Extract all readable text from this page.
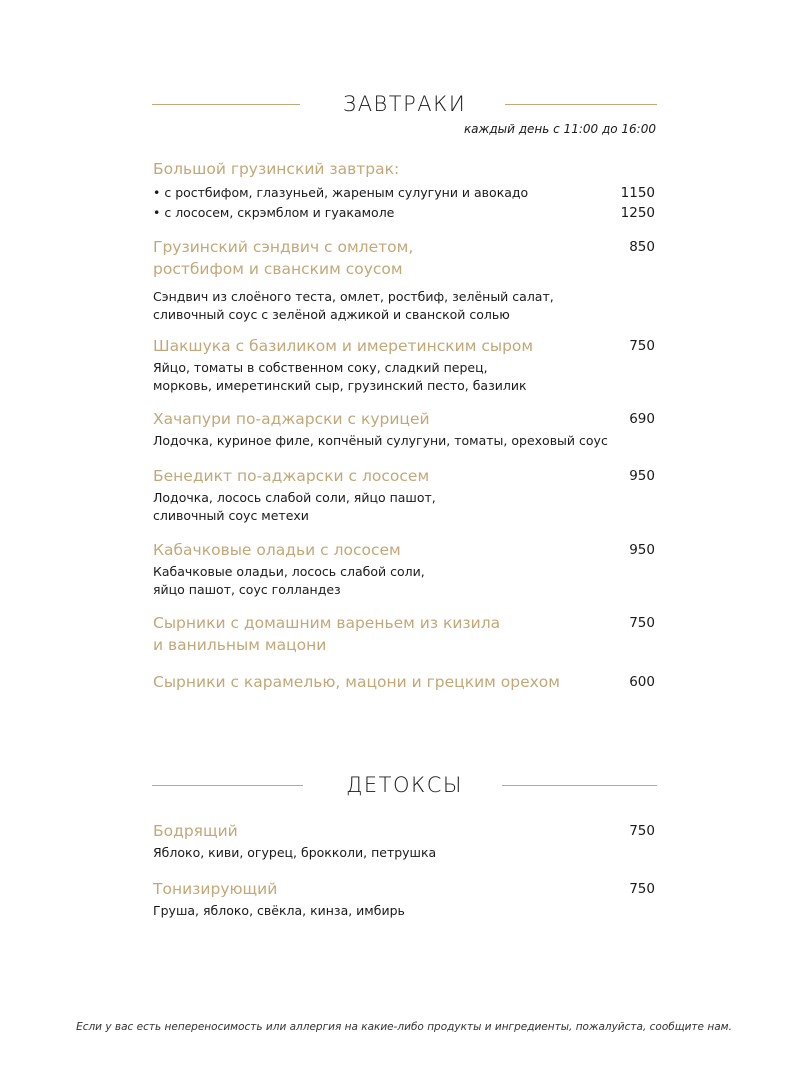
ЗАВТРАКИ
каждый день с 11:00 до 16:00
Большой грузинский завтрак:
• с ростбифом, глазуньей, жареным сулугуни и авокадо	1150
• с лососем, скрэмблом и гуакамоле	1250
Грузинский сэндвич с омлетом,
ростбифом и сванским соусом
850
Сэндвич из слоёного теста, омлет, ростбиф, зелёный салат,
сливочный соус с зелёной аджикой и сванской солью
Шакшука с базиликом и имеретинским сыром	750
Яйцо, томаты в собственном соку, сладкий перец,
морковь, имеретинский сыр, грузинский песто, базилик
Хачапури по-аджарски с курицей	690
Лодочка, куриное филе, копчёный сулугуни, томаты, ореховый соус
Бенедикт по-аджарски с лососем	950
Лодочка, лосось слабой соли, яйцо пашот,
сливочный соус метехи
Кабачковые оладьи с лососем	950
Кабачковые оладьи, лосось слабой соли,
яйцо пашот, соус голландез
Сырники с домашним вареньем из кизила
и ванильным мацони
750
Сырники с карамелью, мацони и грецким орехом	600
ДЕТОКСЫ
Бодрящий	750
Яблоко, киви, огурец, брокколи, петрушка
Тонизирующий	750
Груша, яблоко, свёкла, кинза, имбирь
Если у вас есть непереносимость или аллергия на какие-либо продукты и ингредиенты, пожалуйста, сообщите нам.
